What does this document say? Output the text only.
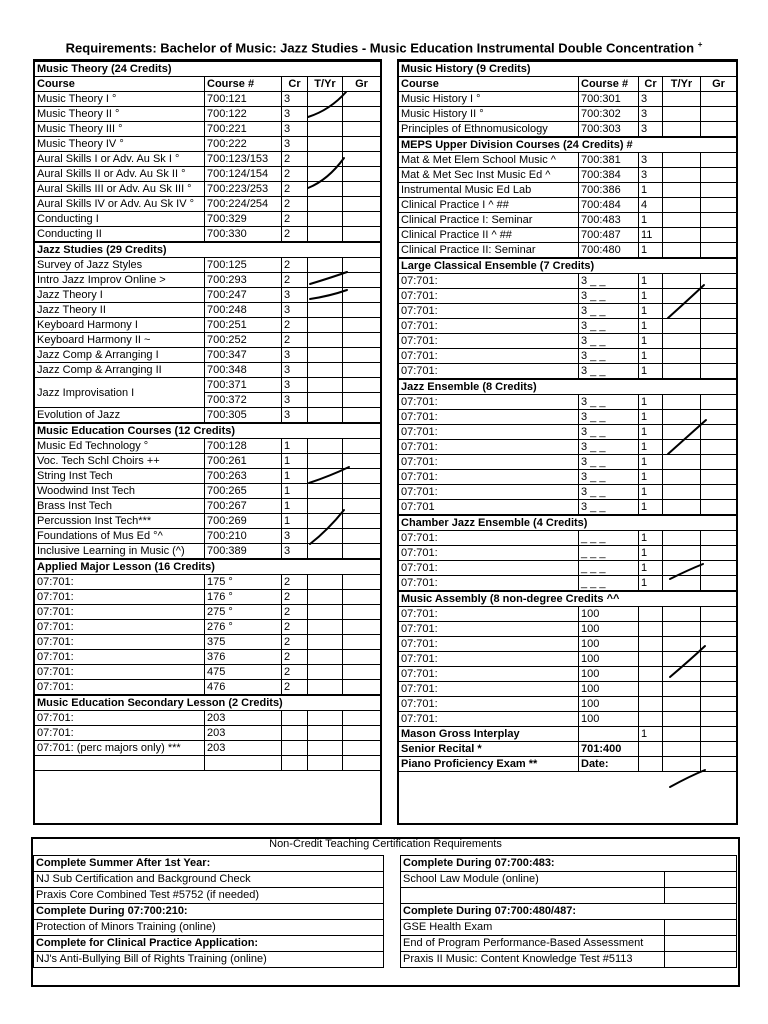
Requirements: Bachelor of Music: Jazz Studies - Music Education Instrumental Double Concentration +
Music Theory (24 Credits)				
Course	Course #	Cr	T/Yr	Gr
Music Theory I °	700:121	3		
Music Theory II °	700:122	3		
Music Theory III °	700:221	3		
Music Theory IV °	700:222	3		
Aural Skills I or Adv. Au Sk I °	700:123/153	2		
Aural Skills II or Adv. Au Sk II °	700:124/154	2		
Aural Skills III or Adv. Au Sk III °	700:223/253	2		
Aural Skills IV or Adv. Au Sk IV °	700:224/254	2		
Conducting I	700:329	2		
Conducting II	700:330	2		
Jazz Studies (29 Credits)				
Survey of Jazz Styles	700:125	2		
Intro Jazz Improv Online >	700:293	2		
Jazz Theory I	700:247	3		
Jazz Theory II	700:248	3		
Keyboard Harmony I	700:251	2		
Keyboard Harmony II ~	700:252	2		
Jazz Comp & Arranging I	700:347	3		
Jazz Comp & Arranging II	700:348	3		
Jazz Improvisation I	700:371	3		
	700:372	3		
Evolution of Jazz	700:305	3		
Music Education Courses (12 Credits)				
Music Ed Technology °	700:128	1		
Voc. Tech Schl Choirs ++	700:261	1		
String Inst Tech	700:263	1		
Woodwind Inst Tech	700:265	1		
Brass Inst Tech	700:267	1		
Percussion Inst Tech***	700:269	1		
Foundations of Mus Ed °^	700:210	3		
Inclusive Learning in Music (^)	700:389	3		
Applied Major Lesson (16 Credits)				
07:701:	175 °	2		
07:701:	176 °	2		
07:701:	275 °	2		
07:701:	276 °	2		
07:701:	375	2		
07:701:	376	2		
07:701:	475	2		
07:701:	476	2		
Music Education Secondary Lesson (2 Credits)				
07:701:	203			
07:701:	203			
07:701: (perc majors only) ***	203			

Music History (9 Credits)				
Course	Course #	Cr	T/Yr	Gr
Music History I °	700:301	3		
Music History II °	700:302	3		
Principles of Ethnomusicology	700:303	3		
MEPS Upper Division Courses (24 Credits) #				
Mat & Met Elem School Music ^	700:381	3		
Mat & Met Sec Inst Music Ed ^	700:384	3		
Instrumental Music Ed Lab	700:386	1		
Clinical Practice I ^ ##	700:484	4		
Clinical Practice I: Seminar	700:483	1		
Clinical Practice II ^ ##	700:487	11		
Clinical Practice II: Seminar	700:480	1		
Large Classical Ensemble (7 Credits)				
07:701:	3 _ _	1		
07:701:	3 _ _	1		
07:701:	3 _ _	1		
07:701:	3 _ _	1		
07:701:	3 _ _	1		
07:701:	3 _ _	1		
07:701:	3 _ _	1		
Jazz Ensemble (8 Credits)				
07:701:	3 _ _	1		
07:701:	3 _ _	1		
07:701:	3 _ _	1		
07:701:	3 _ _	1		
07:701:	3 _ _	1		
07:701:	3 _ _	1		
07:701:	3 _ _	1		
07:701	3 _ _	1		
Chamber Jazz Ensemble (4 Credits)				
07:701:	_ _ _	1		
07:701:	_ _ _	1		
07:701:	_ _ _	1		
07:701:	_ _ _	1		
Music Assembly (8 non-degree Credits ^^				
07:701:	100			
07:701:	100			
07:701:	100			
07:701:	100			
07:701:	100			
07:701:	100			
07:701:	100			
07:701:	100			
Mason Gross Interplay		1		
Senior Recital *	701:400			
Piano Proficiency Exam **	Date:			
Non-Credit Teaching Certification Requirements
Complete Summer After 1st Year:
NJ Sub Certification and Background Check
Praxis Core Combined Test #5752 (if needed)
Complete During 07:700:210:
Protection of Minors Training (online)
Complete for Clinical Practice Application:
NJ's Anti-Bullying Bill of Rights Training (online)
Complete During 07:700:483:	
School Law Module (online)	

Complete During 07:700:480/487:	
GSE Health Exam	
End of Program Performance-Based Assessment	
Praxis II Music: Content Knowledge Test #5113	
